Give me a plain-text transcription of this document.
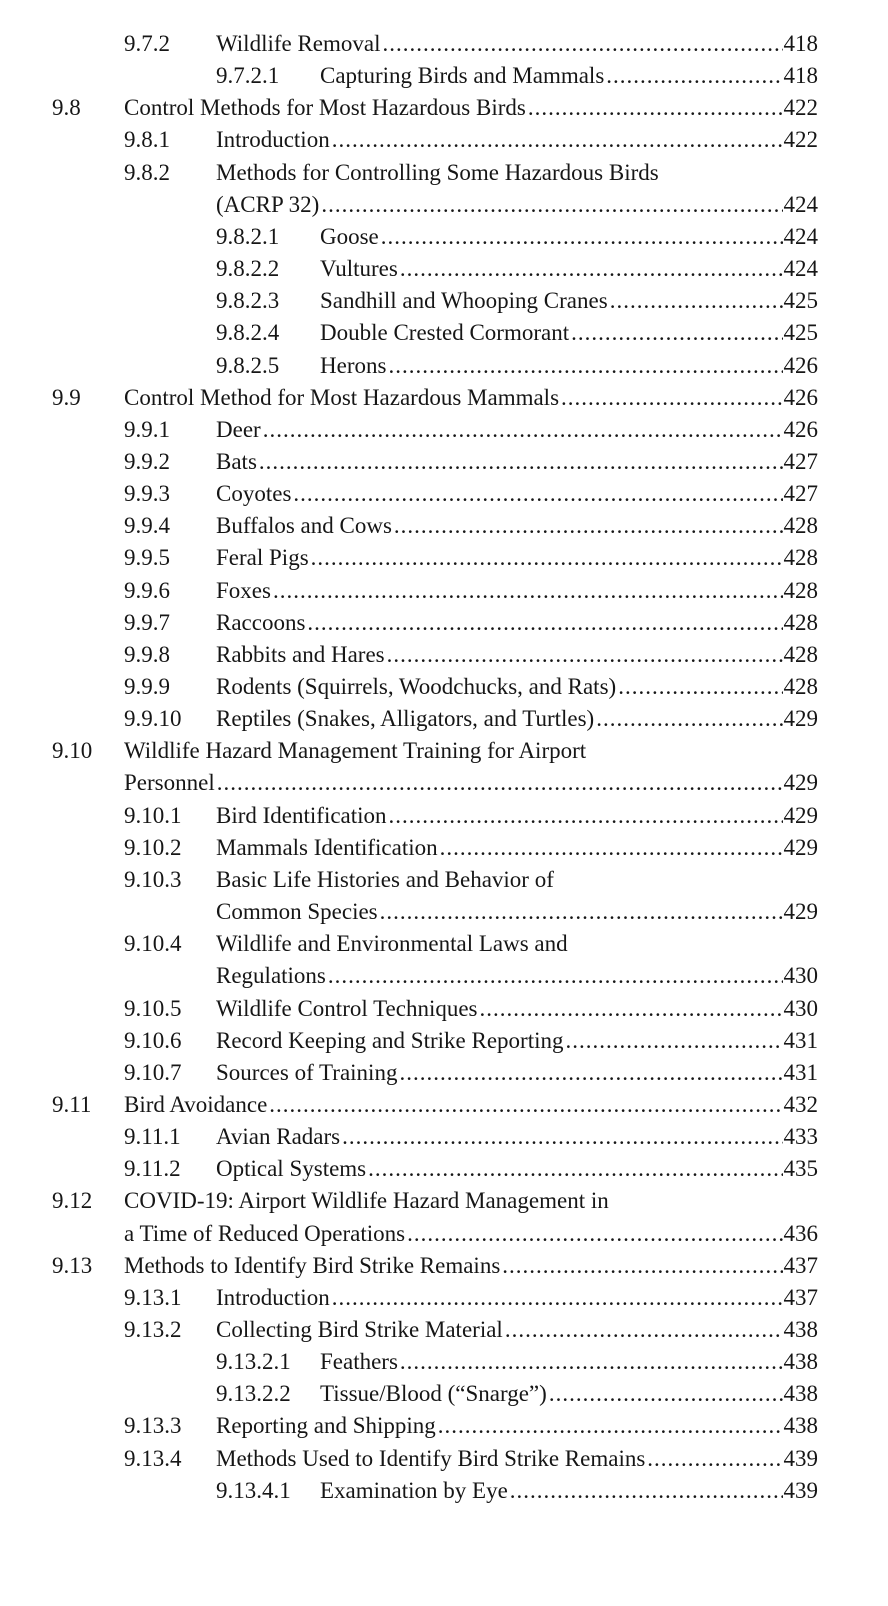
9.7.2 Wildlife Removal .....	418
9.7.2.1 Capturing Birds and Mammals .....	418
9.8 Control Methods for Most Hazardous Birds .....	422
9.8.1 Introduction .....	422
9.8.2 Methods for Controlling Some Hazardous Birds
(ACRP 32) .....	424
9.8.2.1 Goose .....	424
9.8.2.2 Vultures .....	424
9.8.2.3 Sandhill and Whooping Cranes .....	425
9.8.2.4 Double Crested Cormorant .....	425
9.8.2.5 Herons .....	426
9.9 Control Method for Most Hazardous Mammals .....	426
9.9.1 Deer .....	426
9.9.2 Bats .....	427
9.9.3 Coyotes .....	427
9.9.4 Buffalos and Cows .....	428
9.9.5 Feral Pigs .....	428
9.9.6 Foxes .....	428
9.9.7 Raccoons .....	428
9.9.8 Rabbits and Hares .....	428
9.9.9 Rodents (Squirrels, Woodchucks, and Rats) .....	428
9.9.10 Reptiles (Snakes, Alligators, and Turtles) .....	429
9.10 Wildlife Hazard Management Training for Airport
Personnel .....	429
9.10.1 Bird Identification .....	429
9.10.2 Mammals Identification .....	429
9.10.3 Basic Life Histories and Behavior of
Common Species .....	429
9.10.4 Wildlife and Environmental Laws and
Regulations .....	430
9.10.5 Wildlife Control Techniques .....	430
9.10.6 Record Keeping and Strike Reporting .....	431
9.10.7 Sources of Training .....	431
9.11 Bird Avoidance .....	432
9.11.1 Avian Radars .....	433
9.11.2 Optical Systems .....	435
9.12 COVID-19: Airport Wildlife Hazard Management in
a Time of Reduced Operations .....	436
9.13 Methods to Identify Bird Strike Remains .....	437
9.13.1 Introduction .....	437
9.13.2 Collecting Bird Strike Material .....	438
9.13.2.1 Feathers .....	438
9.13.2.2 Tissue/Blood (“Snarge”) .....	438
9.13.3 Reporting and Shipping .....	438
9.13.4 Methods Used to Identify Bird Strike Remains .....	439
9.13.4.1 Examination by Eye .....	439
